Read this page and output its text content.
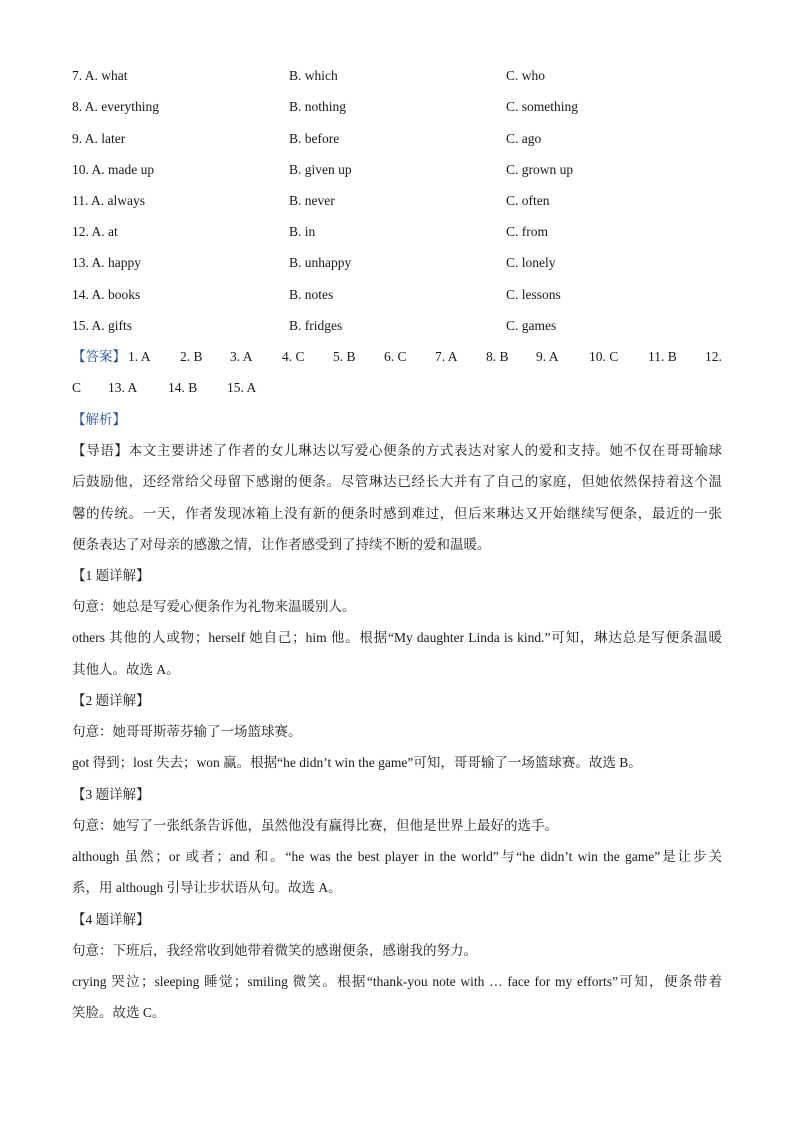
7. A. what	B. which	C. who
8. A. everything	B. nothing	C. something
9. A. later	B. before	C. ago
10. A. made up	B. given up	C. grown up
11. A. always	B. never	C. often
12. A. at	B. in	C. from
13. A. happy	B. unhappy	C. lonely
14. A. books	B. notes	C. lessons
15. A. gifts	B. fridges	C. games
【答案】 1. A 2. B 3. A 4. C 5. B 6. C 7. A 8. B 9. A 10. C 11. B 12.
C 13. A 14. B 15. A
【解析】
【导语】本文主要讲述了作者的女儿琳达以写爱心便条的方式表达对家人的爱和支持。她不仅在哥哥输球
后鼓励他，还经常给父母留下感谢的便条。尽管琳达已经长大并有了自己的家庭，但她依然保持着这个温
馨的传统。一天，作者发现冰箱上没有新的便条时感到难过，但后来琳达又开始继续写便条，最近的一张
便条表达了对母亲的感激之情，让作者感受到了持续不断的爱和温暖。
【1 题详解】
句意：她总是写爱心便条作为礼物来温暖别人。
others 其他的人或物；herself 她自己；him 他。根据“My daughter Linda is kind.”可知，琳达总是写便条温暖
其他人。故选 A。
【2 题详解】
句意：她哥哥斯蒂芬输了一场篮球赛。
got 得到；lost 失去；won 赢。根据“he didn’t win the game”可知，哥哥输了一场篮球赛。故选 B。
【3 题详解】
句意：她写了一张纸条告诉他，虽然他没有赢得比赛，但他是世界上最好的选手。
although 虽然；or 或者；and 和。“he was the best player in the world”与“he didn’t win the game”是让步关
系，用 although 引导让步状语从句。故选 A。
【4 题详解】
句意：下班后，我经常收到她带着微笑的感谢便条，感谢我的努力。
crying 哭泣；sleeping 睡觉；smiling 微笑。根据“thank-you note with … face for my efforts”可知，便条带着
笑脸。故选 C。
